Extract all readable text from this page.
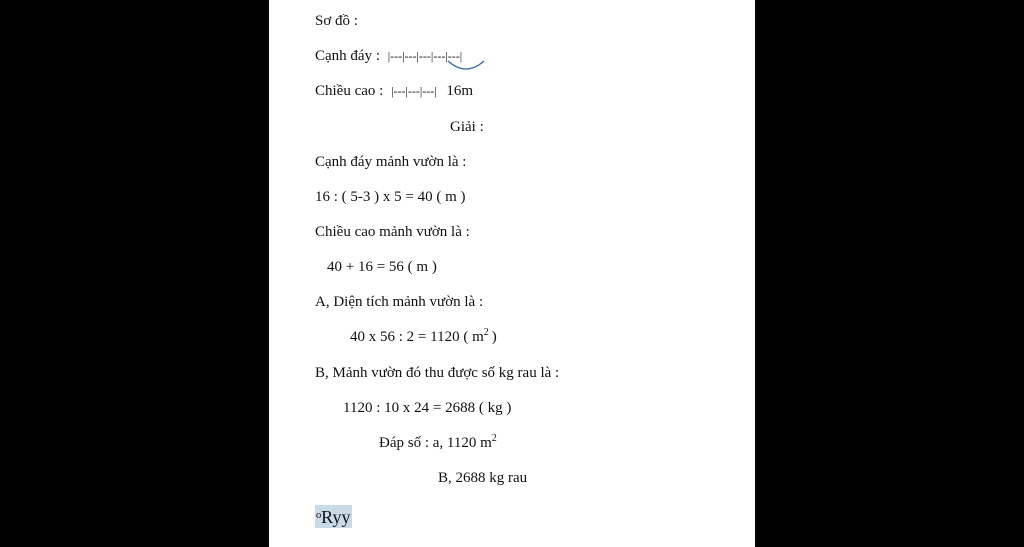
Sơ đồ :
Cạnh đáy : |---|---|---|---|---|
Chiều cao : |---|---|---| 16m
Giải :
Cạnh đáy mảnh vườn là :
16 : ( 5-3 ) x 5 = 40 ( m )
Chiều cao mảnh vườn là :
40 + 16 = 56 ( m )
A, Diện tích mảnh vườn là :
40 x 56 : 2 = 1120 ( $m^2$ )
B, Mảnh vườn đó thu được số kg rau là :
1120 : 10 x 24 = 2688 ( kg )
Đáp số : a, 1120 $m^2$
B, 2688 kg rau
ᵒRyy
